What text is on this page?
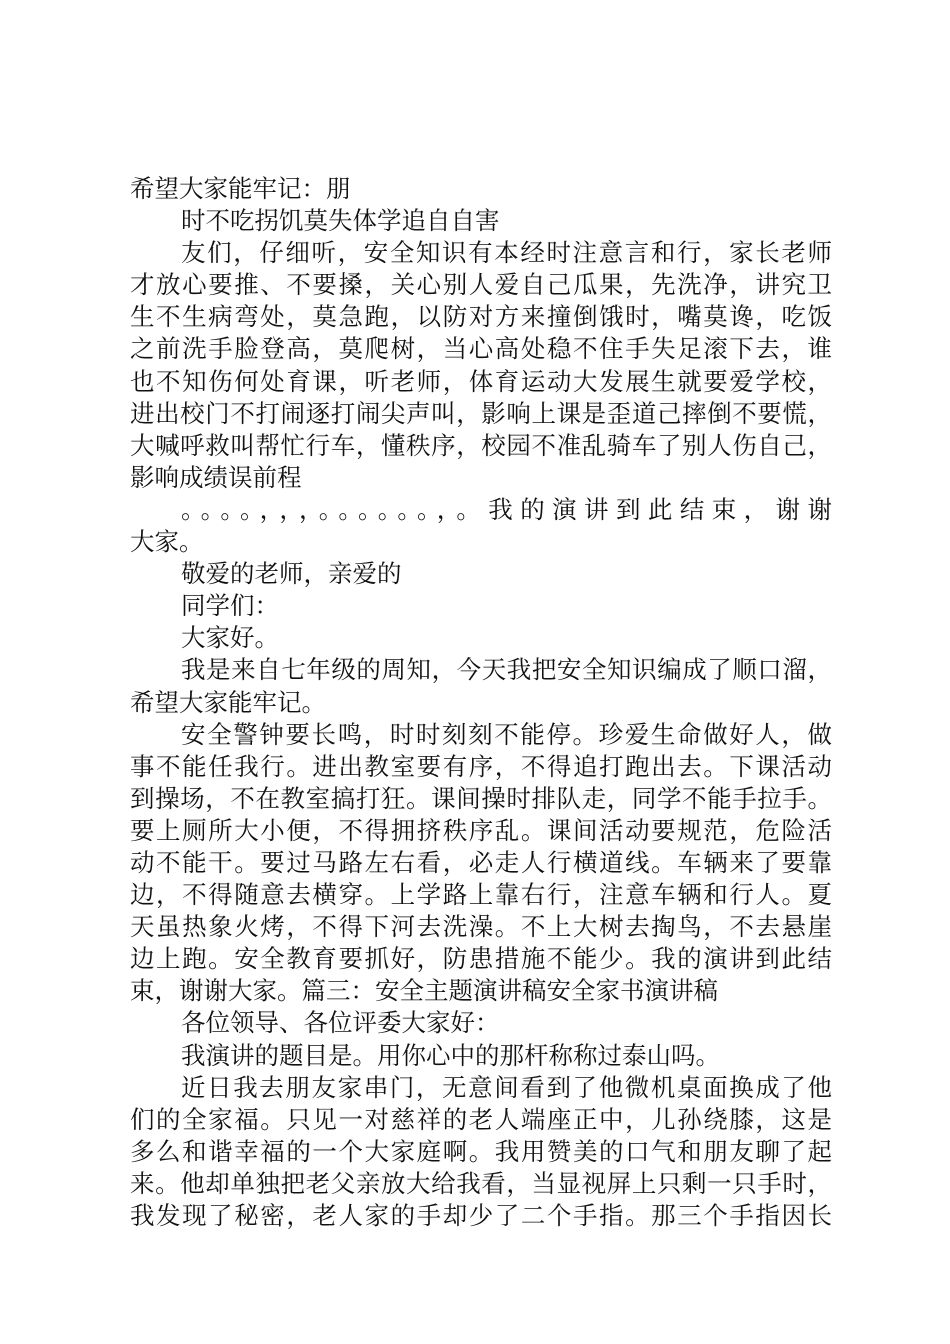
希望大家能牢记：朋
时不吃拐饥莫失体学追自自害
友们，仔细听，安全知识有本经时注意言和行，家长老师
才放心要推、不要搡，关心别人爱自己瓜果，先洗净，讲究卫
生不生病弯处，莫急跑，以防对方来撞倒饿时，嘴莫谗，吃饭
之前洗手脸登高，莫爬树，当心高处稳不住手失足滚下去，谁
也不知伤何处育课，听老师，体育运动大发展生就要爱学校，
进出校门不打闹逐打闹尖声叫，影响上课是歪道己摔倒不要慌，
大喊呼救叫帮忙行车，懂秩序，校园不准乱骑车了别人伤自己，
影响成绩误前程
。。。。，，，。。。。。。，。我的演讲到此结束，谢谢
大家。
敬爱的老师，亲爱的
同学们：
大家好。
我是来自七年级的周知，今天我把安全知识编成了顺口溜，
希望大家能牢记。
安全警钟要长鸣，时时刻刻不能停。珍爱生命做好人，做
事不能任我行。进出教室要有序，不得追打跑出去。下课活动
到操场，不在教室搞打狂。课间操时排队走，同学不能手拉手。
要上厕所大小便，不得拥挤秩序乱。课间活动要规范，危险活
动不能干。要过马路左右看，必走人行横道线。车辆来了要靠
边，不得随意去横穿。上学路上靠右行，注意车辆和行人。夏
天虽热象火烤，不得下河去洗澡。不上大树去掏鸟，不去悬崖
边上跑。安全教育要抓好，防患措施不能少。我的演讲到此结
束，谢谢大家。篇三：安全主题演讲稿安全家书演讲稿
各位领导、各位评委大家好：
我演讲的题目是。用你心中的那杆称称过泰山吗。
近日我去朋友家串门，无意间看到了他微机桌面换成了他
们的全家福。只见一对慈祥的老人端座正中，儿孙绕膝，这是
多么和谐幸福的一个大家庭啊。我用赞美的口气和朋友聊了起
来。他却单独把老父亲放大给我看，当显视屏上只剩一只手时，
我发现了秘密，老人家的手却少了二个手指。那三个手指因长
